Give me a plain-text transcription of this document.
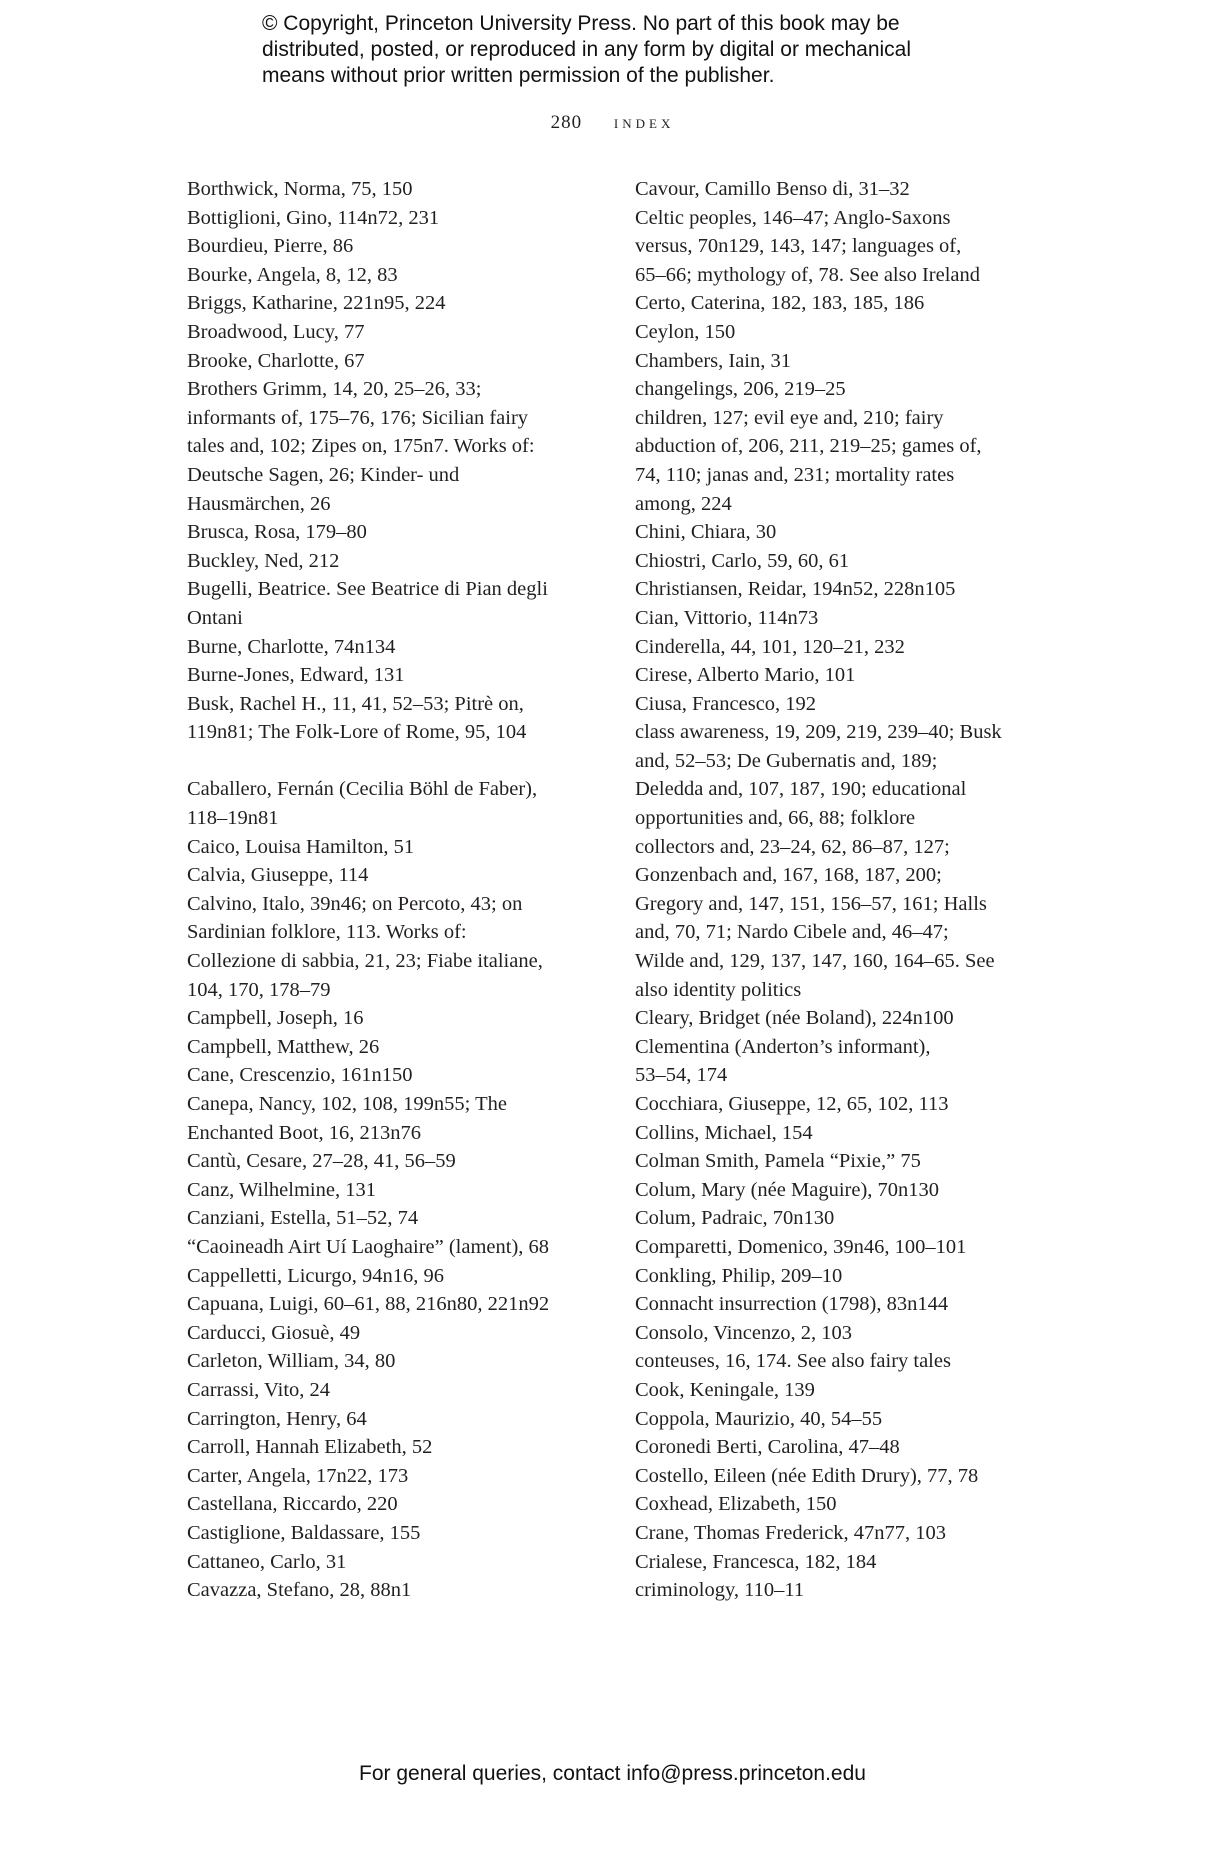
© Copyright, Princeton University Press. No part of this book may be
distributed, posted, or reproduced in any form by digital or mechanical
means without prior written permission of the publisher.
280 index
Borthwick, Norma, 75, 150
Bottiglioni, Gino, 114n72, 231
Bourdieu, Pierre, 86
Bourke, Angela, 8, 12, 83
Briggs, Katharine, 221n95, 224
Broadwood, Lucy, 77
Brooke, Charlotte, 67
Brothers Grimm, 14, 20, 25–26, 33;
informants of, 175–76, 176; Sicilian fairy
tales and, 102; Zipes on, 175n7. Works of:
Deutsche Sagen, 26; Kinder- und
Hausmärchen, 26
Brusca, Rosa, 179–80
Buckley, Ned, 212
Bugelli, Beatrice. See Beatrice di Pian degli
Ontani
Burne, Charlotte, 74n134
Burne-Jones, Edward, 131
Busk, Rachel H., 11, 41, 52–53; Pitrè on,
119n81; The Folk-Lore of Rome, 95, 104
Caballero, Fernán (Cecilia Böhl de Faber),
118–19n81
Caico, Louisa Hamilton, 51
Calvia, Giuseppe, 114
Calvino, Italo, 39n46; on Percoto, 43; on
Sardinian folklore, 113. Works of:
Collezione di sabbia, 21, 23; Fiabe italiane,
104, 170, 178–79
Campbell, Joseph, 16
Campbell, Matthew, 26
Cane, Crescenzio, 161n150
Canepa, Nancy, 102, 108, 199n55; The
Enchanted Boot, 16, 213n76
Cantù, Cesare, 27–28, 41, 56–59
Canz, Wilhelmine, 131
Canziani, Estella, 51–52, 74
“Caoineadh Airt Uí Laoghaire” (lament), 68
Cappelletti, Licurgo, 94n16, 96
Capuana, Luigi, 60–61, 88, 216n80, 221n92
Carducci, Giosuè, 49
Carleton, William, 34, 80
Carrassi, Vito, 24
Carrington, Henry, 64
Carroll, Hannah Elizabeth, 52
Carter, Angela, 17n22, 173
Castellana, Riccardo, 220
Castiglione, Baldassare, 155
Cattaneo, Carlo, 31
Cavazza, Stefano, 28, 88n1
Cavour, Camillo Benso di, 31–32
Celtic peoples, 146–47; Anglo-Saxons
versus, 70n129, 143, 147; languages of,
65–66; mythology of, 78. See also Ireland
Certo, Caterina, 182, 183, 185, 186
Ceylon, 150
Chambers, Iain, 31
changelings, 206, 219–25
children, 127; evil eye and, 210; fairy
abduction of, 206, 211, 219–25; games of,
74, 110; janas and, 231; mortality rates
among, 224
Chini, Chiara, 30
Chiostri, Carlo, 59, 60, 61
Christiansen, Reidar, 194n52, 228n105
Cian, Vittorio, 114n73
Cinderella, 44, 101, 120–21, 232
Cirese, Alberto Mario, 101
Ciusa, Francesco, 192
class awareness, 19, 209, 219, 239–40; Busk
and, 52–53; De Gubernatis and, 189;
Deledda and, 107, 187, 190; educational
opportunities and, 66, 88; folklore
collectors and, 23–24, 62, 86–87, 127;
Gonzenbach and, 167, 168, 187, 200;
Gregory and, 147, 151, 156–57, 161; Halls
and, 70, 71; Nardo Cibele and, 46–47;
Wilde and, 129, 137, 147, 160, 164–65. See
also identity politics
Cleary, Bridget (née Boland), 224n100
Clementina (Anderton’s informant),
53–54, 174
Cocchiara, Giuseppe, 12, 65, 102, 113
Collins, Michael, 154
Colman Smith, Pamela “Pixie,” 75
Colum, Mary (née Maguire), 70n130
Colum, Padraic, 70n130
Comparetti, Domenico, 39n46, 100–101
Conkling, Philip, 209–10
Connacht insurrection (1798), 83n144
Consolo, Vincenzo, 2, 103
conteuses, 16, 174. See also fairy tales
Cook, Keningale, 139
Coppola, Maurizio, 40, 54–55
Coronedi Berti, Carolina, 47–48
Costello, Eileen (née Edith Drury), 77, 78
Coxhead, Elizabeth, 150
Crane, Thomas Frederick, 47n77, 103
Crialese, Francesca, 182, 184
criminology, 110–11
For general queries, contact info@press.princeton.edu
